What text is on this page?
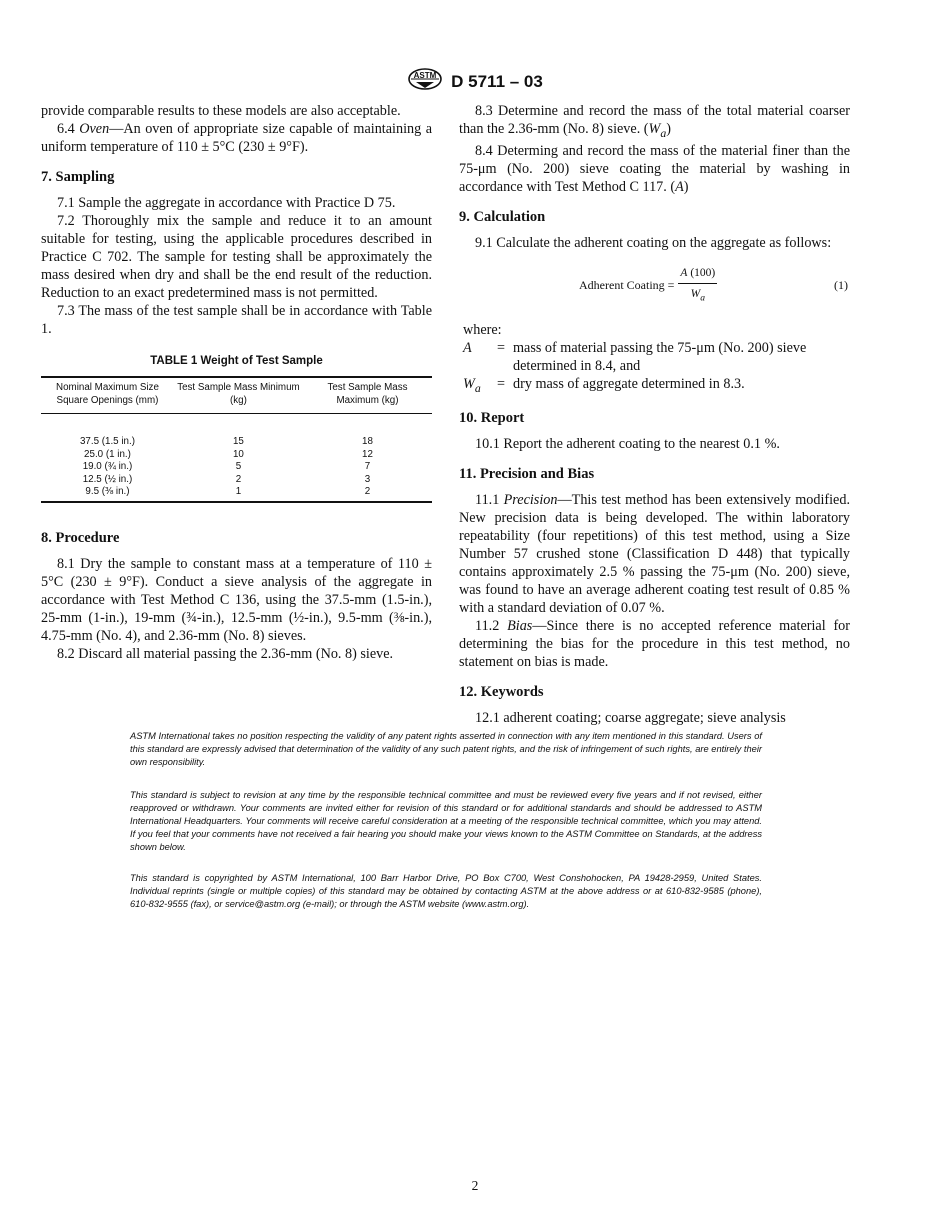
ASTM D 5711 – 03

provide comparable results to these models are also acceptable.

6.4 Oven—An oven of appropriate size capable of maintaining a uniform temperature of 110 ± 5°C (230 ± 9°F).

7. Sampling

7.1 Sample the aggregate in accordance with Practice D 75.

7.2 Thoroughly mix the sample and reduce it to an amount suitable for testing, using the applicable procedures described in Practice C 702. The sample for testing shall be approximately the mass desired when dry and shall be the end result of the reduction. Reduction to an exact predetermined mass is not permitted.

7.3 The mass of the test sample shall be in accordance with Table 1.

TABLE 1 Weight of Test Sample
Nominal Maximum Size Square Openings (mm)	Test Sample Mass Minimum (kg)	Test Sample Mass Maximum (kg)
37.5 (1.5 in.)	15	18
25.0 (1 in.)	10	12
19.0 (¾ in.)	5	7
12.5 (½ in.)	2	3
9.5 (⅜ in.)	1	2
8. Procedure

8.1 Dry the sample to constant mass at a temperature of 110 ± 5°C (230 ± 9°F). Conduct a sieve analysis of the aggregate in accordance with Test Method C 136, using the 37.5-mm (1.5-in.), 25-mm (1-in.), 19-mm (¾-in.), 12.5-mm (½-in.), 9.5-mm (⅜-in.), 4.75-mm (No. 4), and 2.36-mm (No. 8) sieves.

8.2 Discard all material passing the 2.36-mm (No. 8) sieve.

8.3 Determine and record the mass of the total material coarser than the 2.36-mm (No. 8) sieve. $(W_a)$

8.4 Determing and record the mass of the material finer than the 75-μm (No. 200) sieve coating the material by washing in accordance with Test Method C 117. (A)

9. Calculation

9.1 Calculate the adherent coating on the aggregate as follows:

Adherent Coating = $\frac{A (100)}{W_a}$	(1)
where:
A	= mass of material passing the 75-μm (No. 200) sieve determined in 8.4, and
$W_a$	= dry mass of aggregate determined in 8.3.
10. Report

10.1 Report the adherent coating to the nearest 0.1 %.

11. Precision and Bias

11.1 Precision—This test method has been extensively modified. New precision data is being developed. The within laboratory repeatability (four repetitions) of this test method, using a Size Number 57 crushed stone (Classification D 448) that typically contains approximately 2.5 % passing the 75-μm (No. 200) sieve, was found to have an average adherent coating test result of 0.85 % with a standard deviation of 0.07 %.

11.2 Bias—Since there is no accepted reference material for determining the bias for the procedure in this test method, no statement on bias is made.

12. Keywords

12.1 adherent coating; coarse aggregate; sieve analysis

ASTM International takes no position respecting the validity of any patent rights asserted in connection with any item mentioned in this standard. Users of this standard are expressly advised that determination of the validity of any such patent rights, and the risk of infringement of such rights, are entirely their own responsibility.
This standard is subject to revision at any time by the responsible technical committee and must be reviewed every five years and if not revised, either reapproved or withdrawn. Your comments are invited either for revision of this standard or for additional standards and should be addressed to ASTM International Headquarters. Your comments will receive careful consideration at a meeting of the responsible technical committee, which you may attend. If you feel that your comments have not received a fair hearing you should make your views known to the ASTM Committee on Standards, at the address shown below.
This standard is copyrighted by ASTM International, 100 Barr Harbor Drive, PO Box C700, West Conshohocken, PA 19428-2959, United States. Individual reprints (single or multiple copies) of this standard may be obtained by contacting ASTM at the above address or at 610-832-9585 (phone), 610-832-9555 (fax), or service@astm.org (e-mail); or through the ASTM website (www.astm.org).
2
